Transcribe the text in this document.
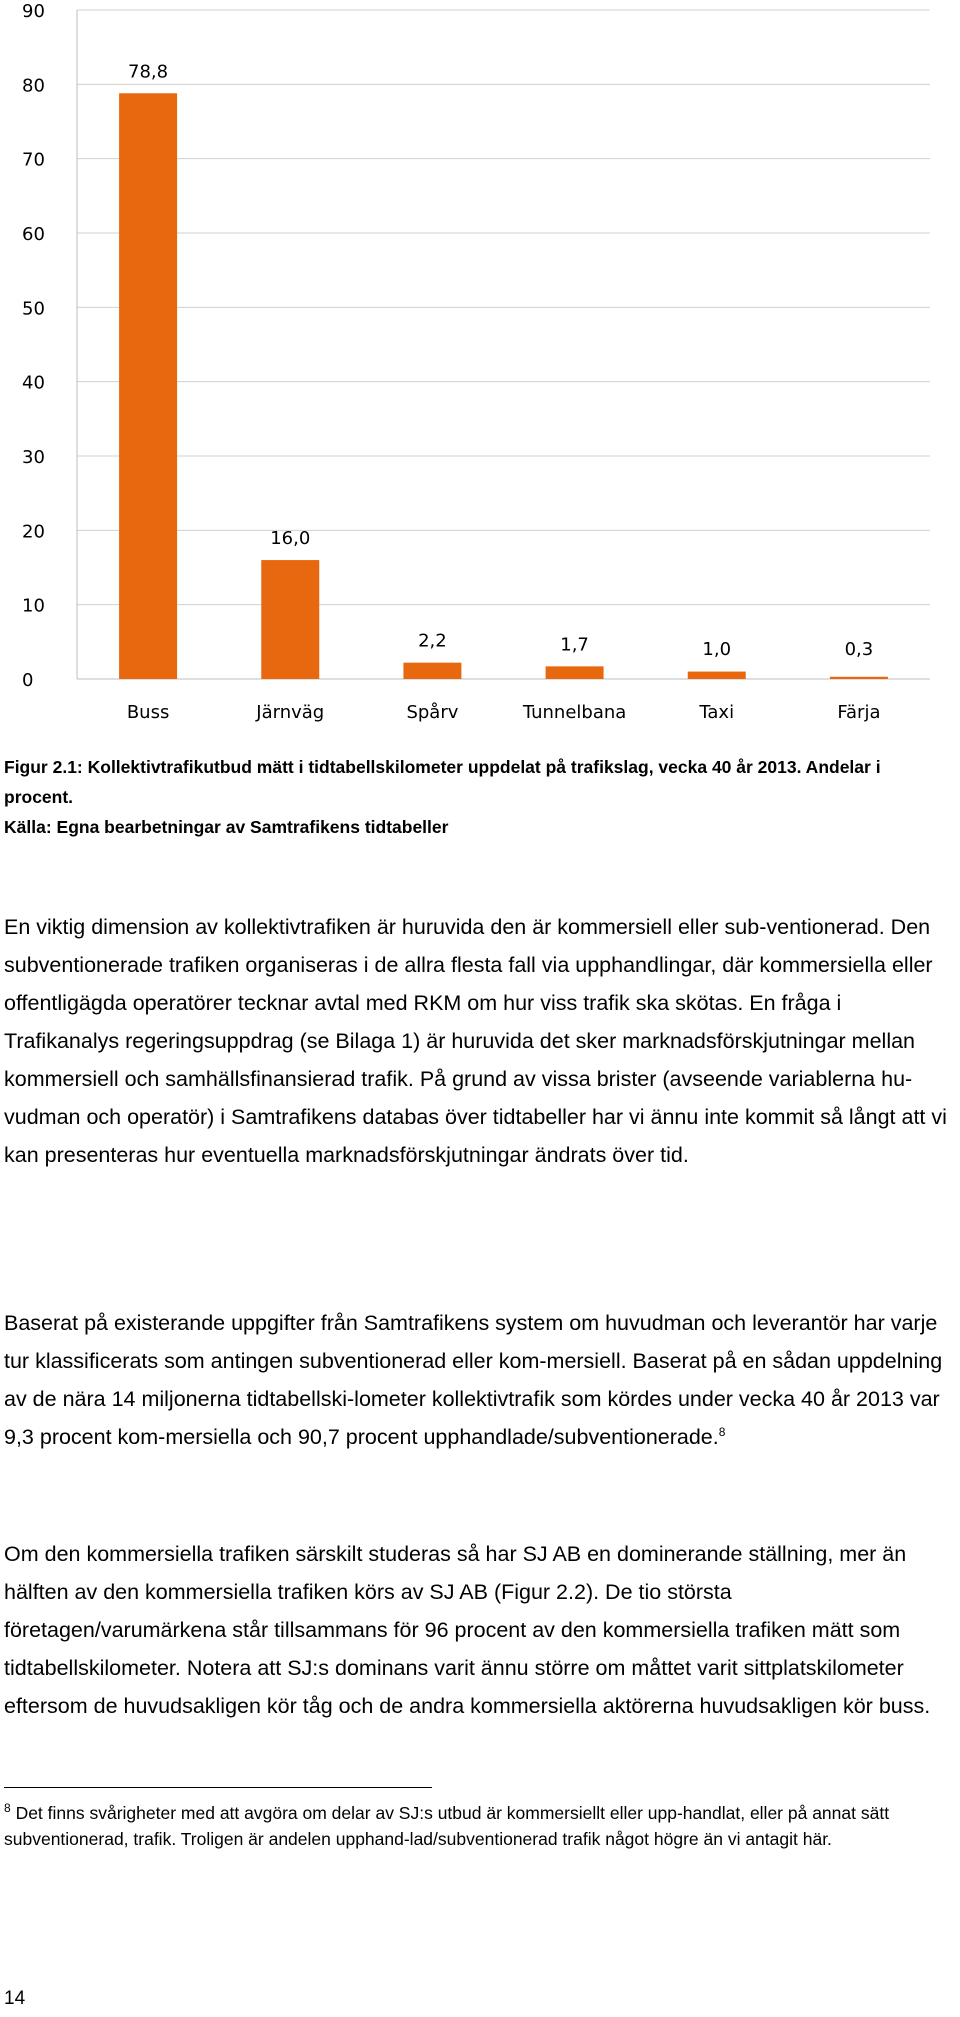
0
10
20
30
40
50
60
70
80
90
78,8
16,0
2,2	1,7	1,0	0,3
Buss	Järnväg	Spårv	Tunnelbana	Taxi	Färja
Figur 2.1: Kollektivtrafikutbud mätt i tidtabellskilometer uppdelat på trafikslag, vecka 40 år 2013. Andelar i procent.
Källa: Egna bearbetningar av Samtrafikens tidtabeller

En viktig dimension av kollektivtrafiken är huruvida den är kommersiell eller sub-ventionerad. Den subventionerade trafiken organiseras i de allra flesta fall via upphandlingar, där kommersiella eller offentligägda operatörer tecknar avtal med RKM om hur viss trafik ska skötas. En fråga i Trafikanalys regeringsuppdrag (se Bilaga 1) är huruvida det sker marknadsförskjutningar mellan kommersiell och samhällsfinansierad trafik. På grund av vissa brister (avseende variablerna hu-vudman och operatör) i Samtrafikens databas över tidtabeller har vi ännu inte kommit så långt att vi kan presenteras hur eventuella marknadsförskjutningar ändrats över tid.

Baserat på existerande uppgifter från Samtrafikens system om huvudman och leverantör har varje tur klassificerats som antingen subventionerad eller kom-mersiell. Baserat på en sådan uppdelning av de nära 14 miljonerna tidtabellski-lometer kollektivtrafik som kördes under vecka 40 år 2013 var 9,3 procent kom-mersiella och 90,7 procent upphandlade/subventionerade.$^8$

Om den kommersiella trafiken särskilt studeras så har SJ AB en dominerande ställning, mer än hälften av den kommersiella trafiken körs av SJ AB (Figur 2.2). De tio största företagen/varumärkena står tillsammans för 96 procent av den kommersiella trafiken mätt som tidtabellskilometer. Notera att SJ:s dominans varit ännu större om måttet varit sittplatskilometer eftersom de huvudsakligen kör tåg och de andra kommersiella aktörerna huvudsakligen kör buss.

$^8$ Det finns svårigheter med att avgöra om delar av SJ:s utbud är kommersiellt eller upp-handlat, eller på annat sätt subventionerad, trafik. Troligen är andelen upphand-lad/subventionerad trafik något högre än vi antagit här.
14
